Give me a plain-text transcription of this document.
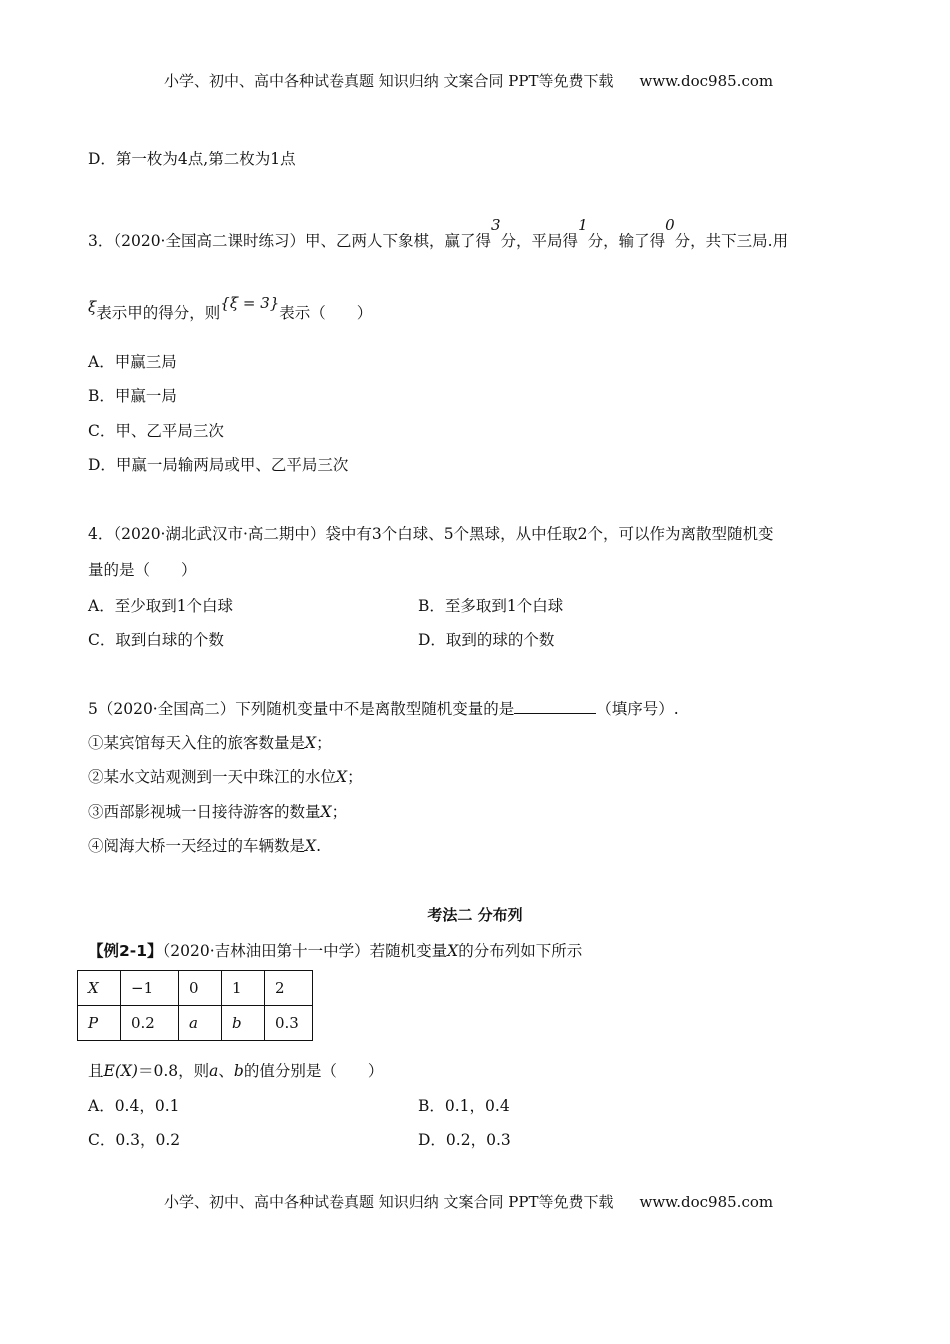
小学、初中、高中各种试卷真题 知识归纳 文案合同 PPT等免费下载 www.doc985.com
D．第一枚为4点,第二枚为1点
3．（2020·全国高二课时练习）甲、乙两人下象棋，赢了得3分，平局得1分，输了得0分，共下三局.用
ξ表示甲的得分，则{ξ = 3}表示（　　）
A．甲赢三局
B．甲赢一局
C．甲、乙平局三次
D．甲赢一局输两局或甲、乙平局三次
4．（2020·湖北武汉市·高二期中）袋中有3个白球、5个黑球，从中任取2个，可以作为离散型随机变
量的是（　　）
A．至少取到1个白球	B．至多取到1个白球
C．取到白球的个数	D．取到的球的个数
5（2020·全国高二）下列随机变量中不是离散型随机变量的是	（填序号）.
①某宾馆每天入住的旅客数量是X；
②某水文站观测到一天中珠江的水位X；
③西部影视城一日接待游客的数量X；
④阅海大桥一天经过的车辆数是X.
考法二 分布列
【例2-1】（2020·吉林油田第十一中学）若随机变量X的分布列如下所示
X	−1	0	1	2
P	0.2	a	b	0.3
且E(X)＝0.8，则a、b的值分别是（　　）
A．0.4，0.1	B．0.1，0.4
C．0.3，0.2	D．0.2，0.3
小学、初中、高中各种试卷真题 知识归纳 文案合同 PPT等免费下载 www.doc985.com
